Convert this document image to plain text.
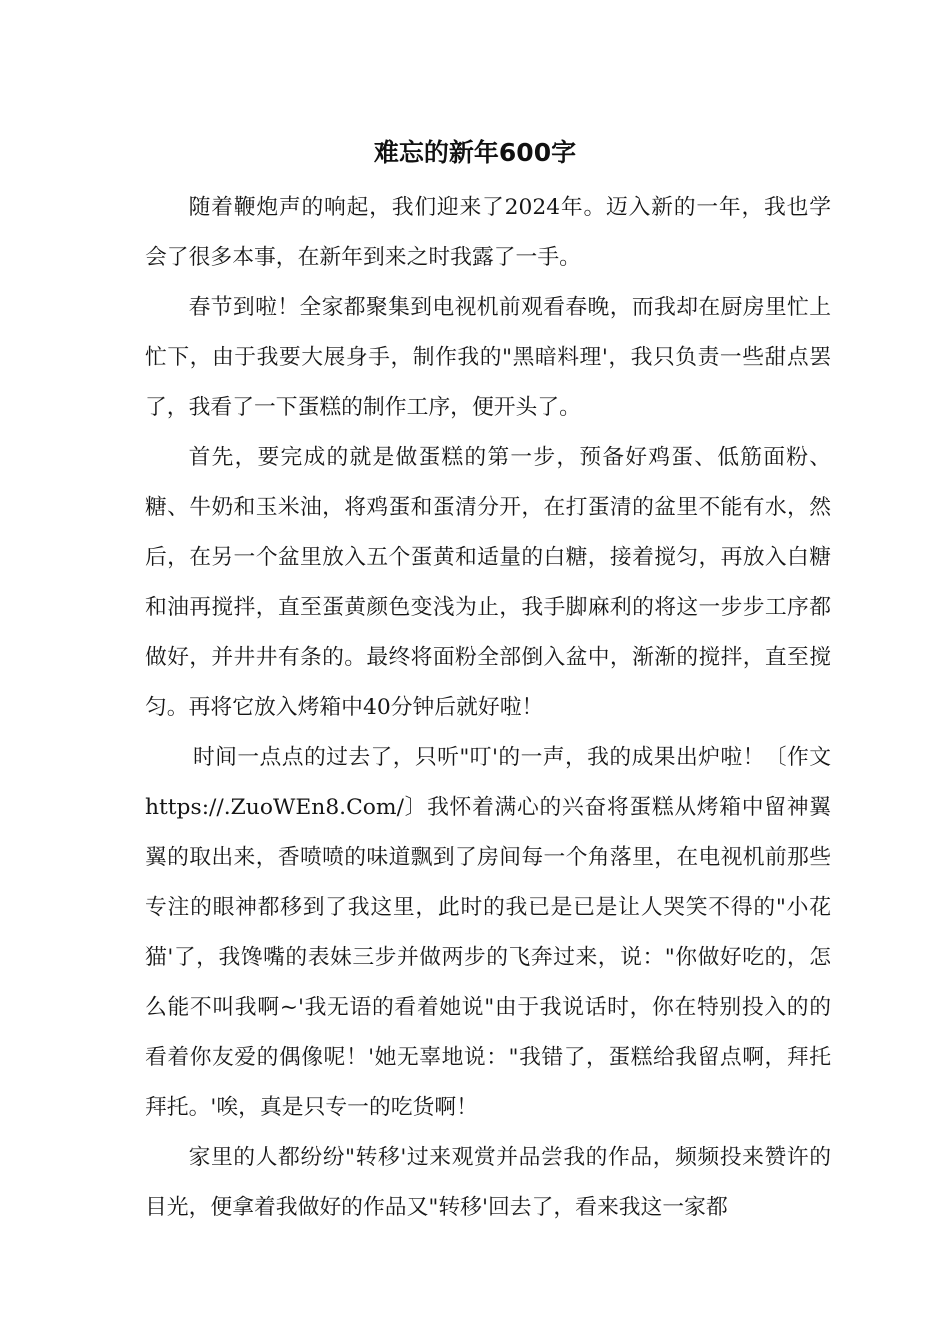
难忘的新年600字

随着鞭炮声的响起，我们迎来了2024年。迈入新的一年，我也学会了很多本事，在新年到来之时我露了一手。

春节到啦！全家都聚集到电视机前观看春晚，而我却在厨房里忙上忙下，由于我要大展身手，制作我的"黑暗料理'，我只负责一些甜点罢了，我看了一下蛋糕的制作工序，便开头了。

首先，要完成的就是做蛋糕的第一步，预备好鸡蛋、低筋面粉、糖、牛奶和玉米油，将鸡蛋和蛋清分开，在打蛋清的盆里不能有水，然后，在另一个盆里放入五个蛋黄和适量的白糖，接着搅匀，再放入白糖和油再搅拌，直至蛋黄颜色变浅为止，我手脚麻利的将这一步步工序都做好，并井井有条的。最终将面粉全部倒入盆中，渐渐的搅拌，直至搅匀。再将它放入烤箱中40分钟后就好啦！

时间一点点的过去了，只听"叮'的一声，我的成果出炉啦！〔作文https://.ZuoWEn8.Com/〕我怀着满心的兴奋将蛋糕从烤箱中留神翼翼的取出来，香喷喷的味道飘到了房间每一个角落里，在电视机前那些专注的眼神都移到了我这里，此时的我已是已是让人哭笑不得的"小花猫'了，我馋嘴的表妹三步并做两步的飞奔过来，说："你做好吃的，怎么能不叫我啊~'我无语的看着她说"由于我说话时，你在特别投入的的看着你友爱的偶像呢！'她无辜地说："我错了，蛋糕给我留点啊，拜托拜托。'唉，真是只专一的吃货啊！

家里的人都纷纷"转移'过来观赏并品尝我的作品，频频投来赞许的目光，便拿着我做好的作品又"转移'回去了，看来我这一家都
